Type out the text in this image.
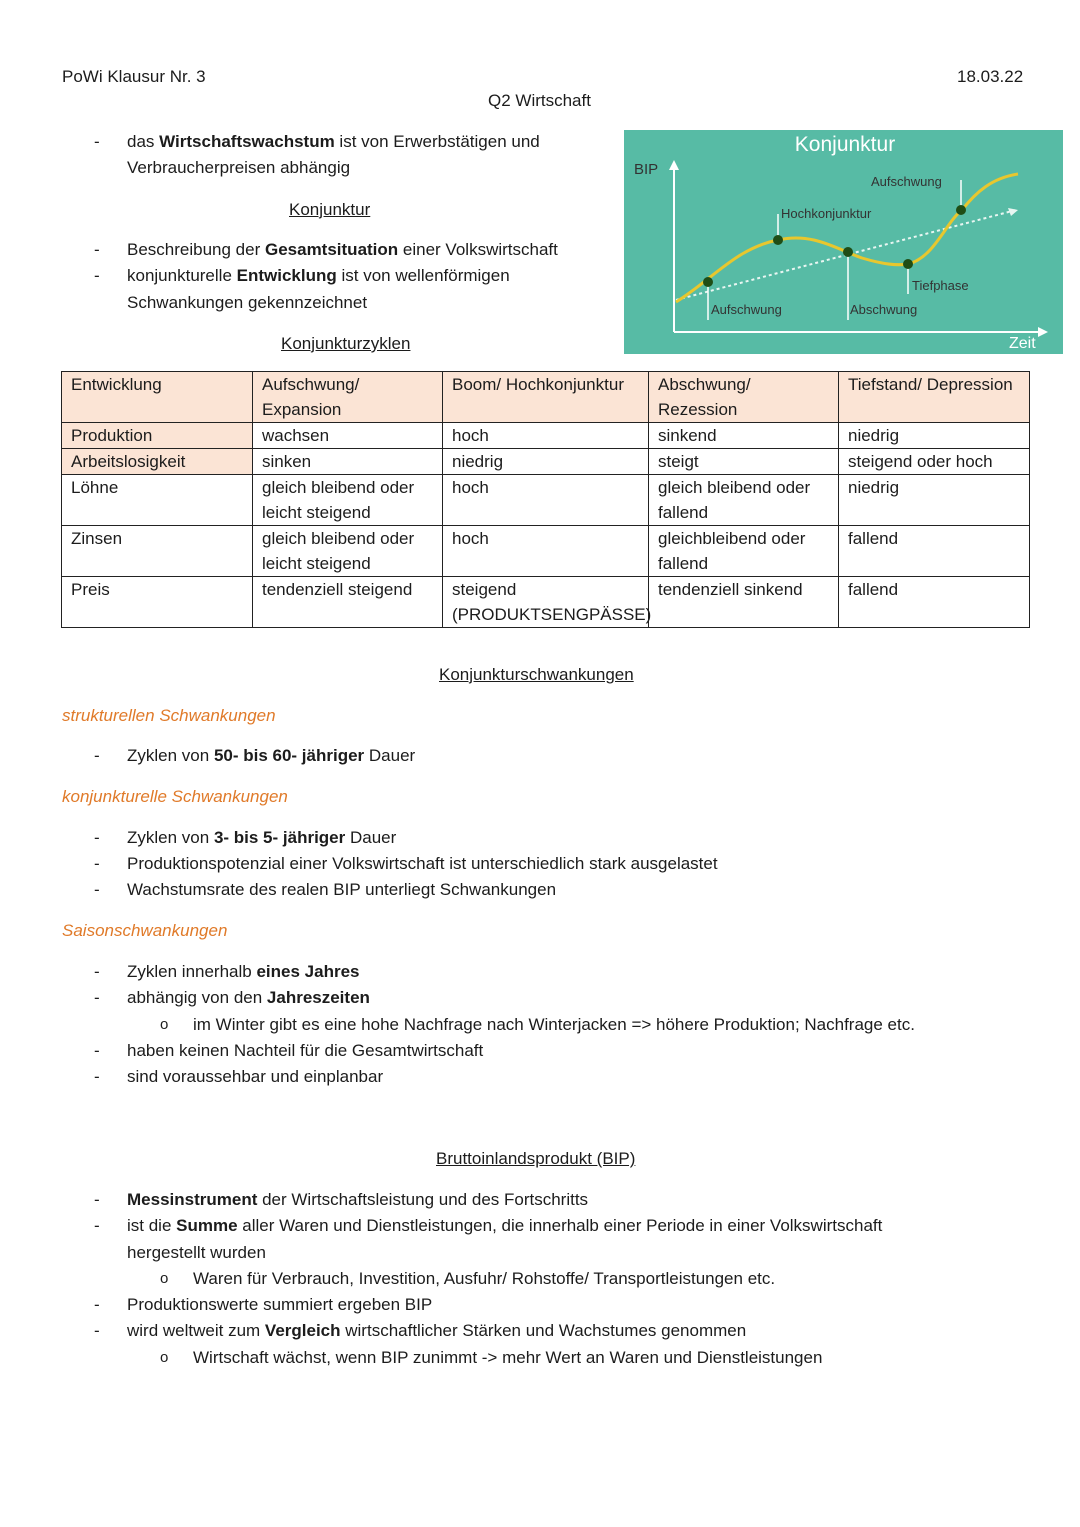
PoWi Klausur Nr. 3	18.03.22
Q2 Wirtschaft
- das Wirtschaftswachstum ist von Erwerbstätigen und
Verbraucherpreisen abhängig
Konjunktur
- Beschreibung der Gesamtsituation einer Volkswirtschaft
- konjunkturelle Entwicklung ist von wellenförmigen
Schwankungen gekennzeichnet
Konjunktur
BIP
Zeit
Aufschwung
Hochkonjunktur
Tiefphase
Aufschwung	Abschwung
Konjunkturzyklen
Entwicklung	Aufschwung/ Expansion	Boom/ Hochkonjunktur	Abschwung/ Rezession	Tiefstand/ Depression
Produktion	wachsen	hoch	sinkend	niedrig
Arbeitslosigkeit	sinken	niedrig	steigt	steigend oder hoch
Löhne	gleich bleibend oder leicht steigend	hoch	gleich bleibend oder fallend	niedrig
Zinsen	gleich bleibend oder leicht steigend	hoch	gleichbleibend oder fallend	fallend
Preis	tendenziell steigend	steigend (PRODUKTSENGPÄSSE)	tendenziell sinkend	fallend
Konjunkturschwankungen
strukturellen Schwankungen
- Zyklen von 50- bis 60- jähriger Dauer
konjunkturelle Schwankungen
- Zyklen von 3- bis 5- jähriger Dauer
- Produktionspotenzial einer Volkswirtschaft ist unterschiedlich stark ausgelastet
- Wachstumsrate des realen BIP unterliegt Schwankungen
Saisonschwankungen
- Zyklen innerhalb eines Jahres
- abhängig von den Jahreszeiten
o im Winter gibt es eine hohe Nachfrage nach Winterjacken => höhere Produktion; Nachfrage etc.
- haben keinen Nachteil für die Gesamtwirtschaft
- sind voraussehbar und einplanbar
Bruttoinlandsprodukt (BIP)
- Messinstrument der Wirtschaftsleistung und des Fortschritts
- ist die Summe aller Waren und Dienstleistungen, die innerhalb einer Periode in einer Volkswirtschaft
hergestellt wurden
o Waren für Verbrauch, Investition, Ausfuhr/ Rohstoffe/ Transportleistungen etc.
- Produktionswerte summiert ergeben BIP
- wird weltweit zum Vergleich wirtschaftlicher Stärken und Wachstumes genommen
o Wirtschaft wächst, wenn BIP zunimmt -> mehr Wert an Waren und Dienstleistungen
